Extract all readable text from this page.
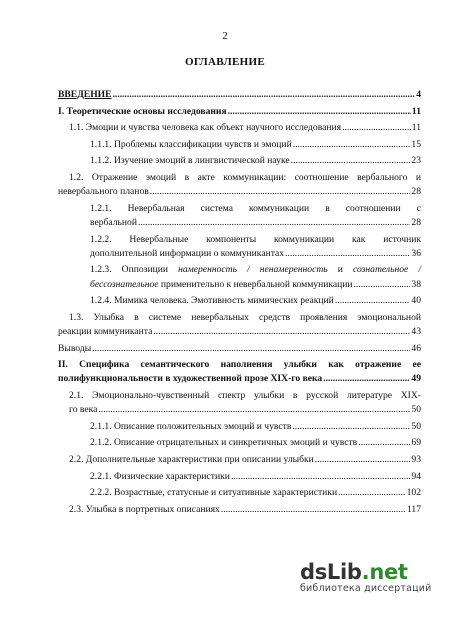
2
ОГЛАВЛЕНИЕ
ВВЕДЕНИЕ .....	4
I. Теоретические основы исследования .....	11
1.1. Эмоции и чувства человека как объект научного исследования .....	11
1.1.1. Проблемы классификации чувств и эмоций .....	15
1.1.2. Изучение эмоций в лингвистической науке .....	23
1.2. Отражение эмоций в акте коммуникации: соотношение вербального и
невербального планов .....	28
1.2.1. Невербальная система коммуникации в соотношении с
вербальной .....	28
1.2.2. Невербальные компоненты коммуникации как источник
дополнительной информации о коммуникантах .....	36
1.2.3. Оппозиции намеренность / ненамеренность и сознательное /
бессознательное применительно к невербальной коммуникации .....	38
1.2.4. Мимика человека. Эмотивность мимических реакций .....	40
1.3. Улыбка в системе невербальных средств проявления эмоциональной
реакции коммуниканта .....	43
Выводы .....	46
II. Специфика семантического наполнения улыбки как отражение ее
полифункциональности в художественной прозе XIX-го века .....	49
2.1. Эмоционально-чувственный спектр улыбки в русской литературе XIX-
го века .....	50
2.1.1. Описание положительных эмоций и чувств .....	50
2.1.2. Описание отрицательных и синкретичных эмоций и чувств .....	69
2.2. Дополнительные характеристики при описании улыбки .....	93
2.2.1. Физические характеристики .....	94
2.2.2. Возрастные, статусные и ситуативные характеристики .....	102
2.3. Улыбка в портретных описаниях .....	117
dsLib.net
библиотека диссертаций
